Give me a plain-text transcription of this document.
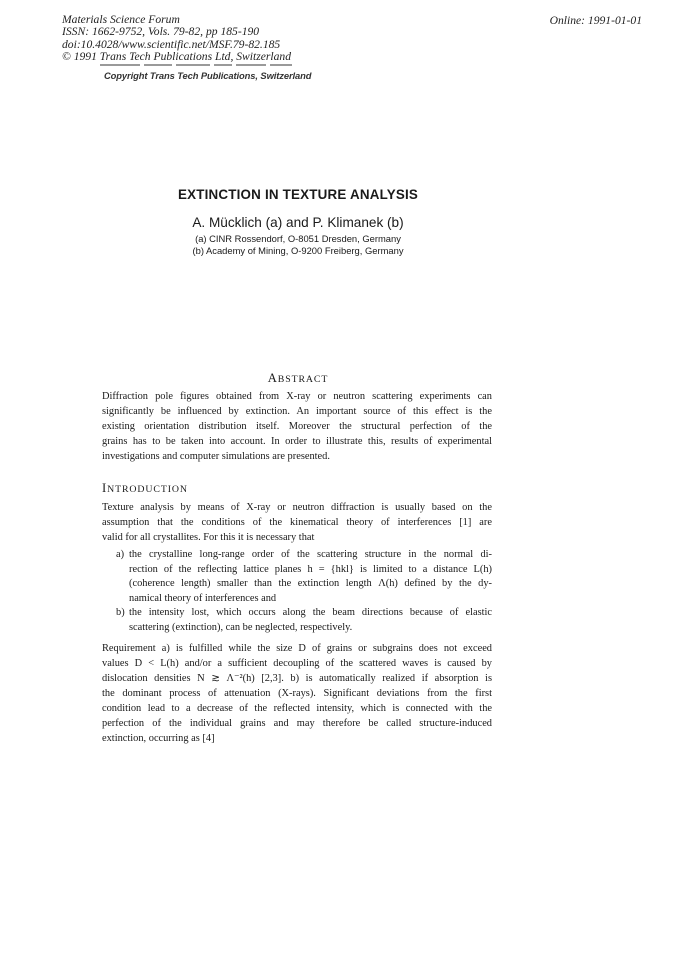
Materials Science Forum
ISSN: 1662-9752, Vols. 79-82, pp 185-190
doi:10.4028/www.scientific.net/MSF.79-82.185
© 1991 Trans Tech Publications Ltd, Switzerland
Online: 1991-01-01
Copyright Trans Tech Publications, Switzerland
EXTINCTION IN TEXTURE ANALYSIS
A. Mücklich (a) and P. Klimanek (b)
(a) CINR Rossendorf, O-8051 Dresden, Germany
(b) Academy of Mining, O-9200 Freiberg, Germany
ABSTRACT
Diffraction pole figures obtained from X-ray or neutron scattering experiments can
significantly be influenced by extinction. An important source of this effect is the
existing orientation distribution itself. Moreover the structural perfection of the
grains has to be taken into account. In order to illustrate this, results of experimental
investigations and computer simulations are presented.
INTRODUCTION
Texture analysis by means of X-ray or neutron diffraction is usually based on the
assumption that the conditions of the kinematical theory of interferences [1] are
valid for all crystallites. For this it is necessary that
a) the crystalline long-range order of the scattering structure in the normal di-
rection of the reflecting lattice planes h = {hkl} is limited to a distance L(h)
(coherence length) smaller than the extinction length Λ(h) defined by the dy-
namical theory of interferences and
b) the intensity lost, which occurs along the beam directions because of elastic
scattering (extinction), can be neglected, respectively.
Requirement a) is fulfilled while the size D of grains or subgrains does not exceed
values D < L(h) and/or a sufficient decoupling of the scattered waves is caused by
dislocation densities N ≳ Λ⁻²(h) [2,3]. b) is automatically realized if absorption is
the dominant process of attenuation (X-rays). Significant deviations from the first
condition lead to a decrease of the reflected intensity, which is connected with the
perfection of the individual grains and may therefore be called structure-induced
extinction, occurring as [4]
